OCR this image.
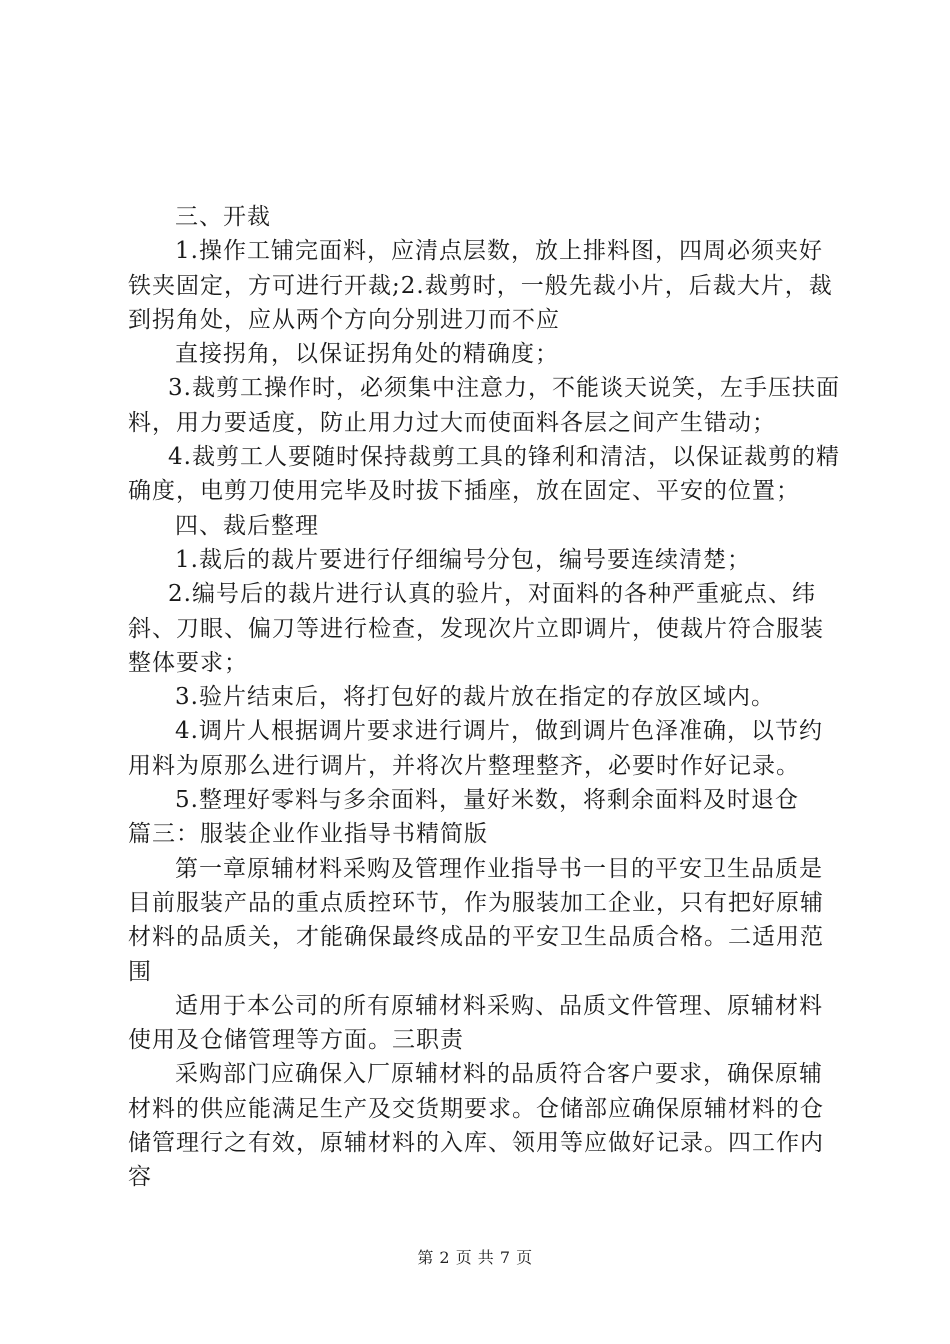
三、开裁

1.操作工铺完面料，应清点层数，放上排料图，四周必须夹好铁夹固定，方可进行开裁;2.裁剪时，一般先裁小片，后裁大片，裁到拐角处，应从两个方向分别进刀而不应

直接拐角，以保证拐角处的精确度；

3.裁剪工操作时，必须集中注意力，不能谈天说笑，左手压扶面料，用力要适度，防止用力过大而使面料各层之间产生错动；

4.裁剪工人要随时保持裁剪工具的锋利和清洁，以保证裁剪的精确度，电剪刀使用完毕及时拔下插座，放在固定、平安的位置；

四、裁后整理

1.裁后的裁片要进行仔细编号分包，编号要连续清楚；

2.编号后的裁片进行认真的验片，对面料的各种严重疵点、纬斜、刀眼、偏刀等进行检查，发现次片立即调片，使裁片符合服装整体要求；

3.验片结束后，将打包好的裁片放在指定的存放区域内。

4.调片人根据调片要求进行调片，做到调片色泽准确，以节约用料为原那么进行调片，并将次片整理整齐，必要时作好记录。

5.整理好零料与多余面料，量好米数，将剩余面料及时退仓

篇三：服装企业作业指导书精简版

第一章原辅材料采购及管理作业指导书一目的平安卫生品质是目前服装产品的重点质控环节，作为服装加工企业，只有把好原辅材料的品质关，才能确保最终成品的平安卫生品质合格。二适用范围

适用于本公司的所有原辅材料采购、品质文件管理、原辅材料使用及仓储管理等方面。三职责

采购部门应确保入厂原辅材料的品质符合客户要求，确保原辅材料的供应能满足生产及交货期要求。仓储部应确保原辅材料的仓储管理行之有效，原辅材料的入库、领用等应做好记录。四工作内容

第 2 页 共 7 页
